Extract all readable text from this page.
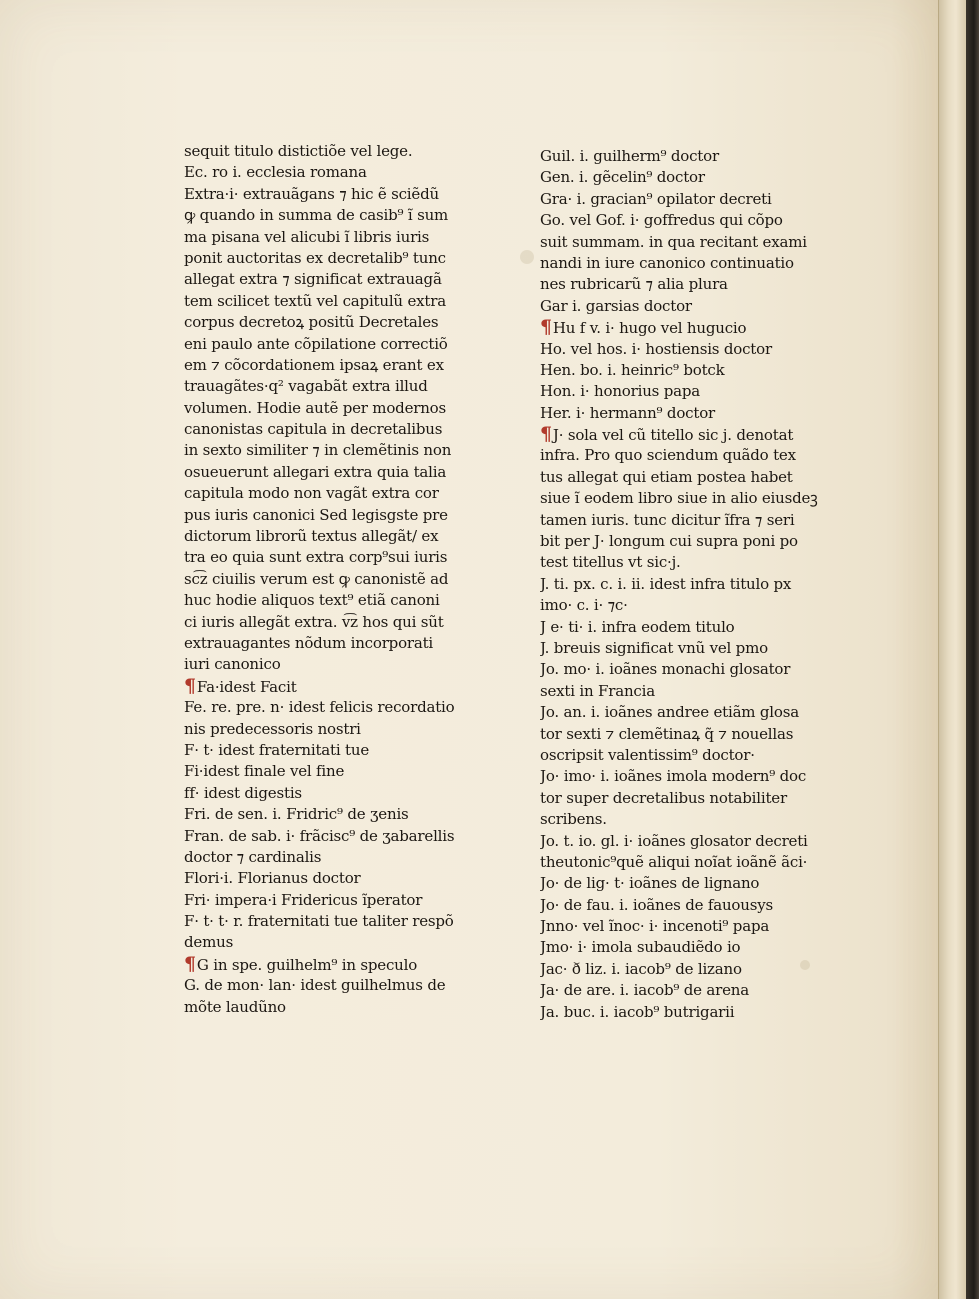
sequit titulo distictiõe vel lege.
Ec. ro i. ecclesia romana
Extra·i· extrauãgans ⁊ hic ẽ sciẽdũ
ꝙ quando in summa de casib⁹ ĩ sum
ma pisana vel alicubi ĩ libris iuris
ponit auctoritas ex decretalib⁹ tunc
allegat extra ⁊ significat extrauagã
tem scilicet textũ vel capitulũ extra
corpus decretoꝝ positũ Decretales
eni paulo ante cõpilatione correctiõ
em ⁊ cõcordationem ipsaꝝ erant ex
trauagãtes·q² vagabãt extra illud
volumen. Hodie autẽ per modernos
canonistas capitula in decretalibus
in sexto similiter ⁊ in clemẽtinis non
osueuerunt allegari extra quia talia
capitula modo non vagãt extra cor
pus iuris canonici Sed legisgste pre
dictorum librorũ textus allegãt/ ex
tra eo quia sunt extra corp⁹sui iuris
sc͡z ciuilis verum est ꝙ canonistẽ ad
huc hodie aliquos text⁹ etiã canoni
ci iuris allegãt extra. v͡z hos qui sũt
extrauagantes nõdum incorporati
iuri canonico
¶Fa·idest Facit
Fe. re. pre. n· idest felicis recordatio
nis predecessoris nostri
F· t· idest fraternitati tue
Fi·idest finale vel fine
ff· idest digestis
Fri. de sen. i. Fridric⁹ de ʒenis
Fran. de sab. i· frãcisc⁹ de ʒabarellis
doctor ⁊ cardinalis
Flori·i. Florianus doctor
Fri· impera·i Fridericus ĩperator
F· t· t· r. fraternitati tue taliter respõ
demus
¶G in spe. guilhelm⁹ in speculo
G. de mon· lan· idest guilhelmus de
mõte laudũno
Guil. i. guilherm⁹ doctor
Gen. i. gẽcelin⁹ doctor
Gra· i. gracian⁹ opilator decreti
Go. vel Gof. i· goffredus qui cõpo
suit summam. in qua recitant exami
nandi in iure canonico continuatio
nes rubricarũ ⁊ alia plura
Gar i. garsias doctor
¶Hu f v. i· hugo vel hugucio
Ho. vel hos. i· hostiensis doctor
Hen. bo. i. heinric⁹ botck
Hon. i· honorius papa
Her. i· hermann⁹ doctor
¶J· sola vel cũ titello sic j. denotat
infra. Pro quo sciendum quãdo tex
tus allegat qui etiam postea habet
siue ĩ eodem libro siue in alio eiusdeꝫ
tamen iuris. tunc dicitur ĩfra ⁊ seri
bit per J· longum cui supra poni po
test titellus vt sic·j.
J. ti. px. c. i. ii. idest infra titulo px
imo· c. i· ⁊c·
J e· ti· i. infra eodem titulo
J. breuis significat vnũ vel pmo
Jo. mo· i. ioãnes monachi glosator
sexti in Francia
Jo. an. i. ioãnes andree etiãm glosa
tor sexti ⁊ clemẽtinaꝝ q̃ ⁊ nouellas
oscripsit valentissim⁹ doctor·
Jo· imo· i. ioãnes imola modern⁹ doc
tor super decretalibus notabiliter
scribens.
Jo. t. io. gl. i· ioãnes glosator decreti
theutonic⁹quẽ aliqui noĩat ioãnẽ ãci·
Jo· de lig· t· ioãnes de lignano
Jo· de fau. i. ioãnes de fauousys
Jnno· vel ĩnoc· i· incenoti⁹ papa
Jmo· i· imola subaudiẽdo io
Jac· ð liz. i. iacob⁹ de lizano
Ja· de are. i. iacob⁹ de arena
Ja. buc. i. iacob⁹ butrigarii
